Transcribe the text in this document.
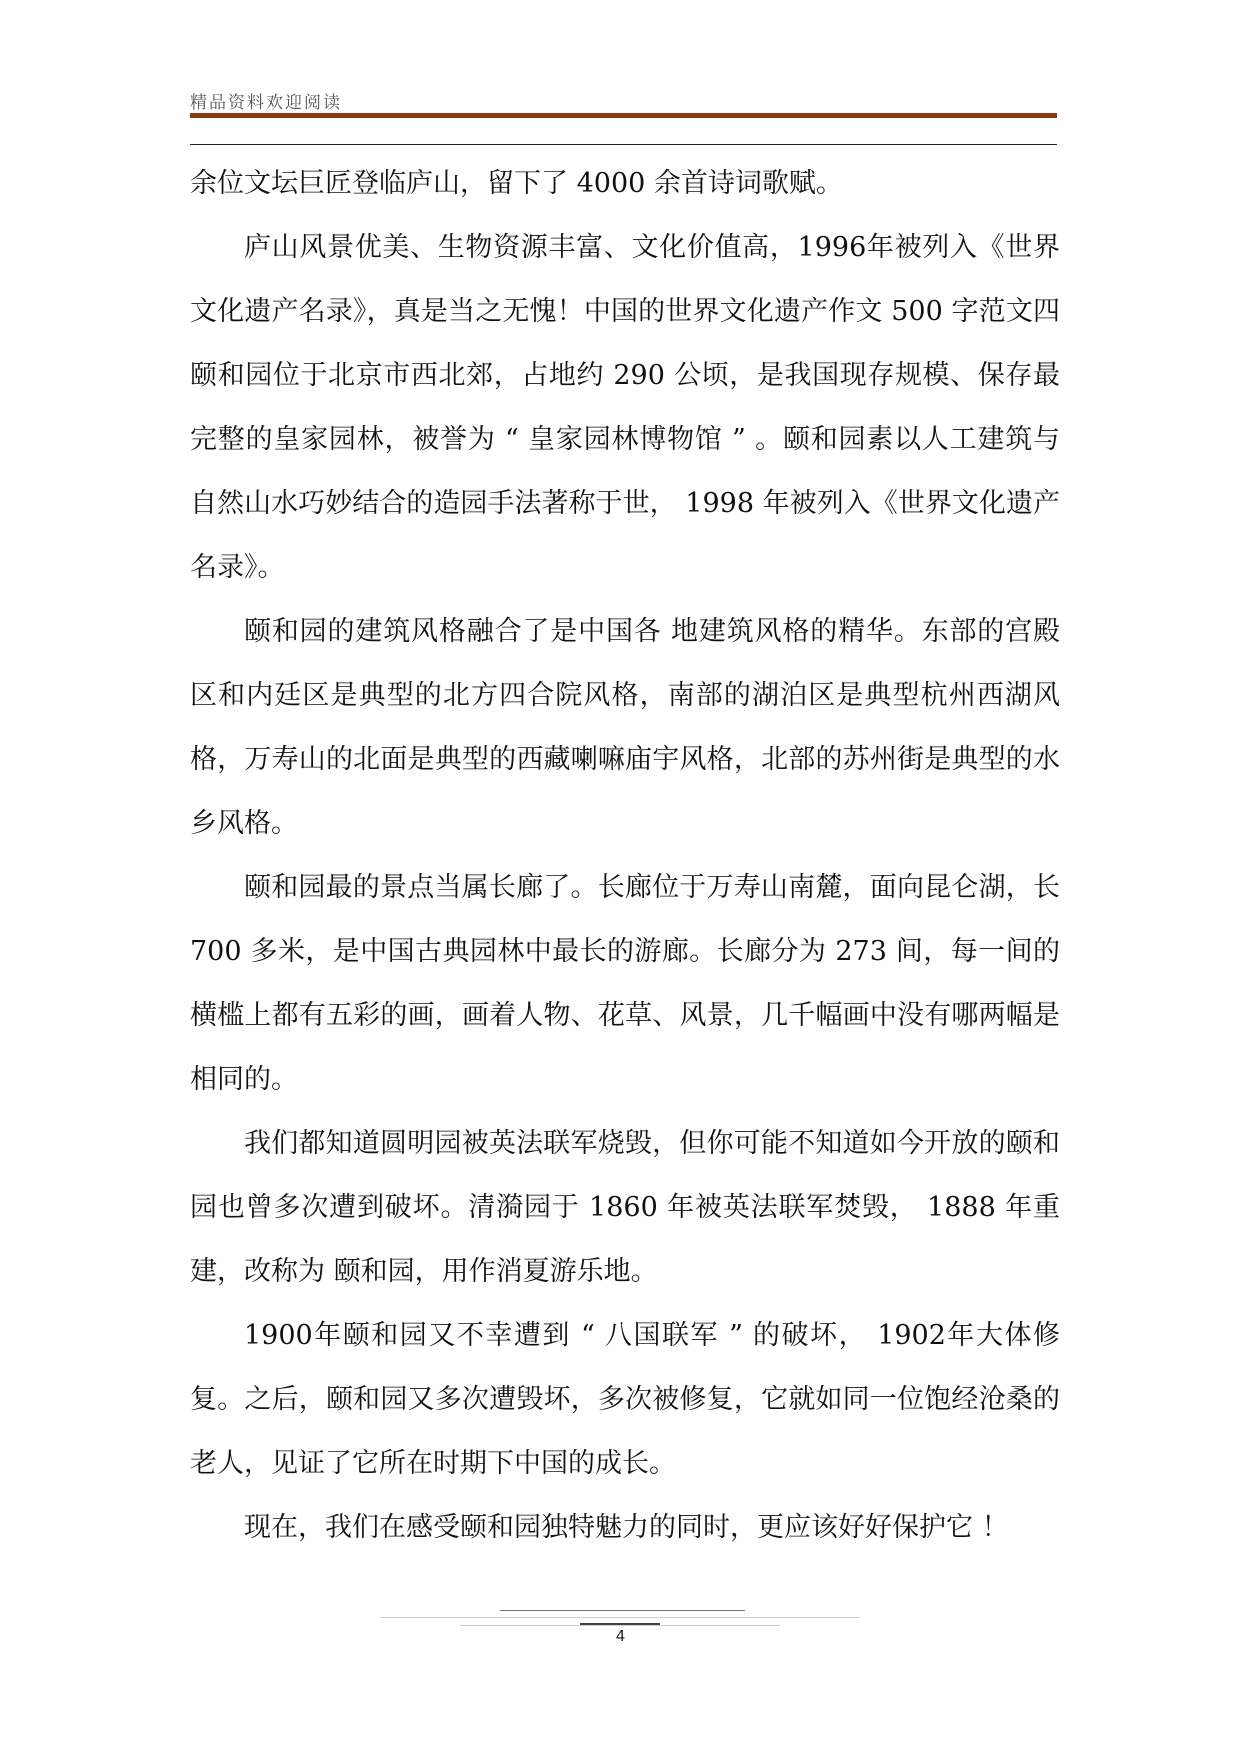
精品资料欢迎阅读

余位文坛巨匠登临庐山，留下了 4000 余首诗词歌赋。

庐山风景优美、生物资源丰富、文化价值高，1996年被列入《世界文化遗产名录》，真是当之无愧！中国的世界文化遗产作文 500 字范文四 颐和园位于北京市西北郊，占地约 290 公顷，是我国现存规模、保存最完整的皇家园林，被誉为 “ 皇家园林博物馆 ” 。颐和园素以人工建筑与自然山水巧妙结合的造园手法著称于世， 1998 年被列入《世界文化遗产名录》。

颐和园的建筑风格融合了是中国各 地建筑风格的精华。东部的宫殿区和内廷区是典型的北方四合院风格，南部的湖泊区是典型杭州西湖风格，万寿山的北面是典型的西藏喇嘛庙宇风格，北部的苏州街是典型的水乡风格。

颐和园最的景点当属长廊了。长廊位于万寿山南麓，面向昆仑湖，长 700 多米，是中国古典园林中最长的游廊。长廊分为 273 间，每一间的横槛上都有五彩的画，画着人物、花草、风景，几千幅画中没有哪两幅是相同的。

我们都知道圆明园被英法联军烧毁，但你可能不知道如今开放的颐和园也曾多次遭到破坏。清漪园于 1860 年被英法联军焚毁， 1888 年重建，改称为 颐和园，用作消夏游乐地。

1900年颐和园又不幸遭到 “ 八国联军 ” 的破坏， 1902年大体修复。之后，颐和园又多次遭毁坏，多次被修复，它就如同一位饱经沧桑的老人，见证了它所在时期下中国的成长。

现在，我们在感受颐和园独特魅力的同时，更应该好好保护它 ！

4
